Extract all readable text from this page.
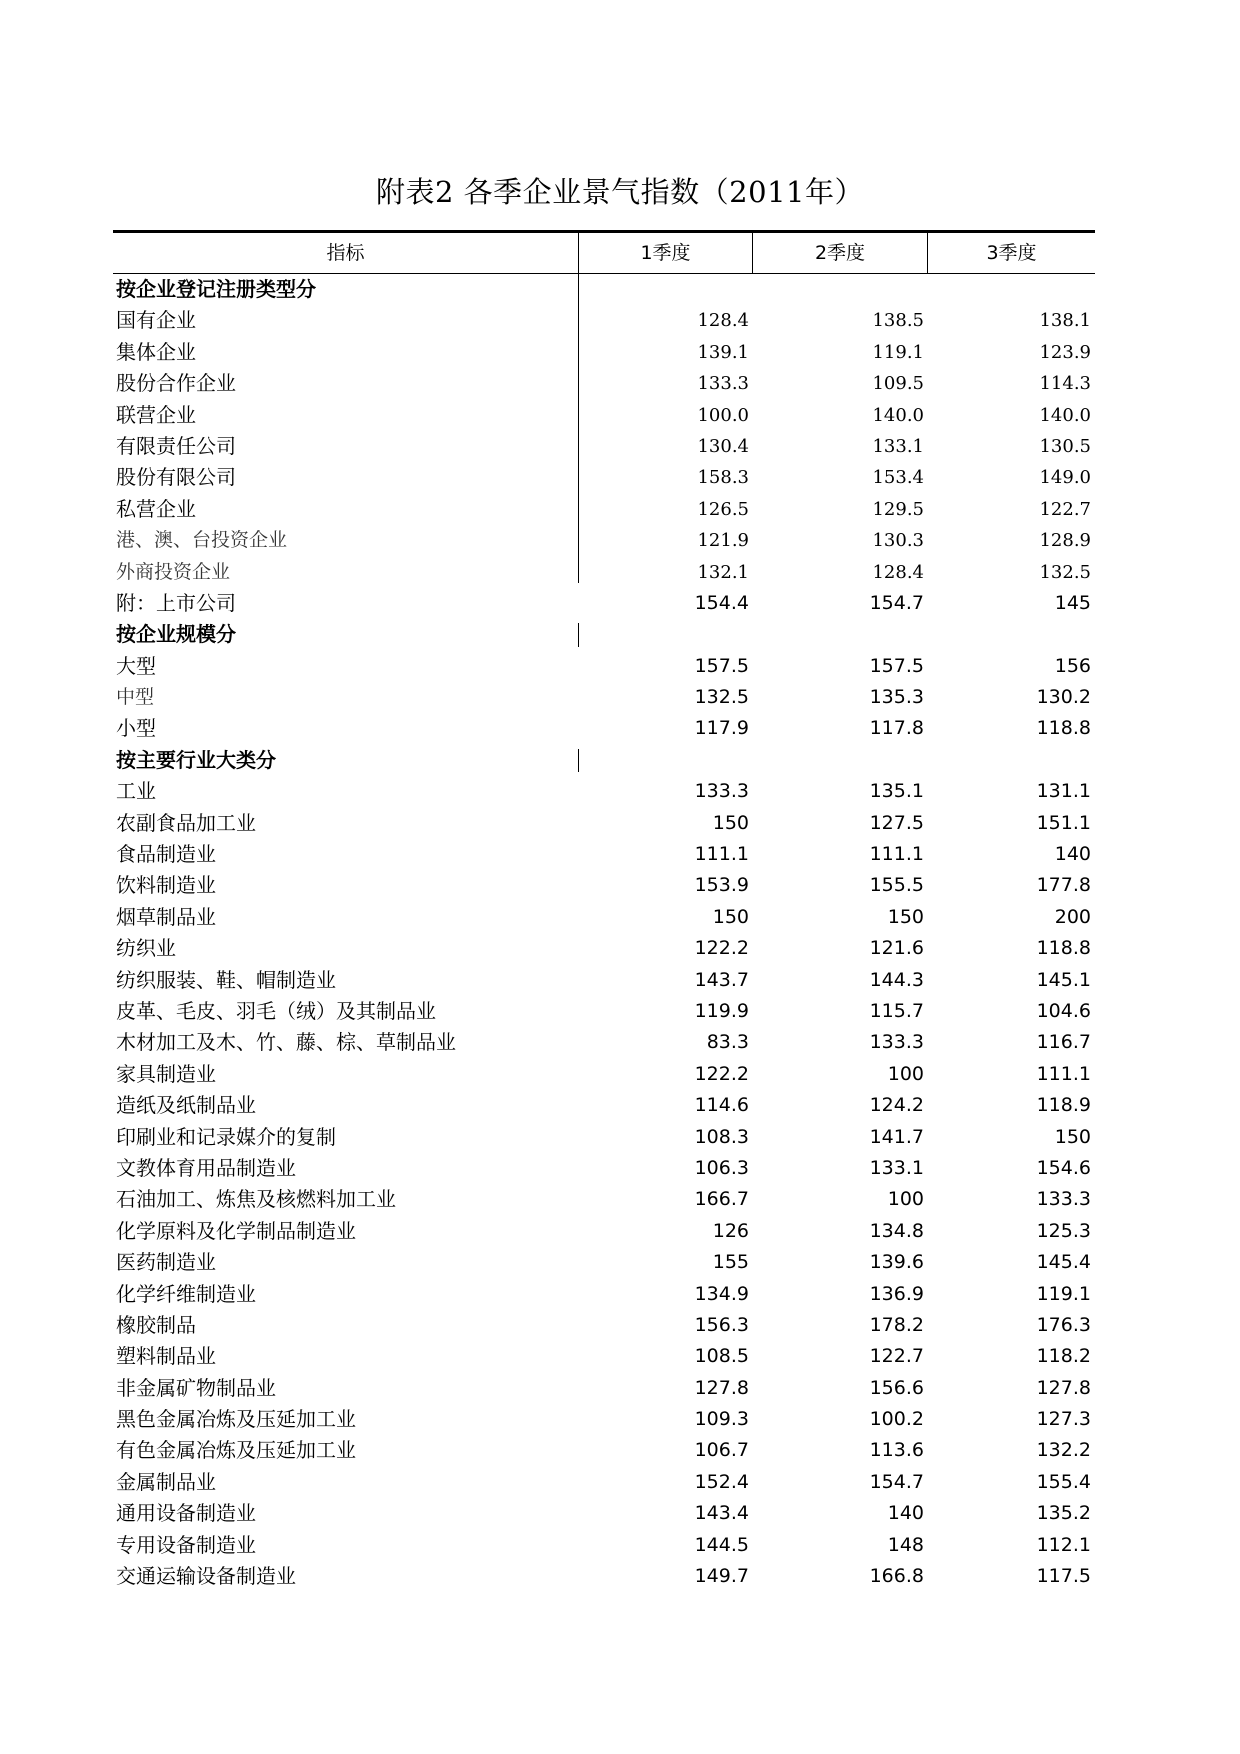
附表2 各季企业景气指数（2011年）
指标	1季度	2季度	3季度
按企业登记注册类型分
国有企业	128.4	138.5	138.1
集体企业	139.1	119.1	123.9
股份合作企业	133.3	109.5	114.3
联营企业	100.0	140.0	140.0
有限责任公司	130.4	133.1	130.5
股份有限公司	158.3	153.4	149.0
私营企业	126.5	129.5	122.7
港、澳、台投资企业	121.9	130.3	128.9
外商投资企业	132.1	128.4	132.5
附：上市公司	154.4	154.7	145
按企业规模分
大型	157.5	157.5	156
中型	132.5	135.3	130.2
小型	117.9	117.8	118.8
按主要行业大类分
工业	133.3	135.1	131.1
农副食品加工业	150	127.5	151.1
食品制造业	111.1	111.1	140
饮料制造业	153.9	155.5	177.8
烟草制品业	150	150	200
纺织业	122.2	121.6	118.8
纺织服装、鞋、帽制造业	143.7	144.3	145.1
皮革、毛皮、羽毛（绒）及其制品业	119.9	115.7	104.6
木材加工及木、竹、藤、棕、草制品业	83.3	133.3	116.7
家具制造业	122.2	100	111.1
造纸及纸制品业	114.6	124.2	118.9
印刷业和记录媒介的复制	108.3	141.7	150
文教体育用品制造业	106.3	133.1	154.6
石油加工、炼焦及核燃料加工业	166.7	100	133.3
化学原料及化学制品制造业	126	134.8	125.3
医药制造业	155	139.6	145.4
化学纤维制造业	134.9	136.9	119.1
橡胶制品	156.3	178.2	176.3
塑料制品业	108.5	122.7	118.2
非金属矿物制品业	127.8	156.6	127.8
黑色金属冶炼及压延加工业	109.3	100.2	127.3
有色金属冶炼及压延加工业	106.7	113.6	132.2
金属制品业	152.4	154.7	155.4
通用设备制造业	143.4	140	135.2
专用设备制造业	144.5	148	112.1
交通运输设备制造业	149.7	166.8	117.5
